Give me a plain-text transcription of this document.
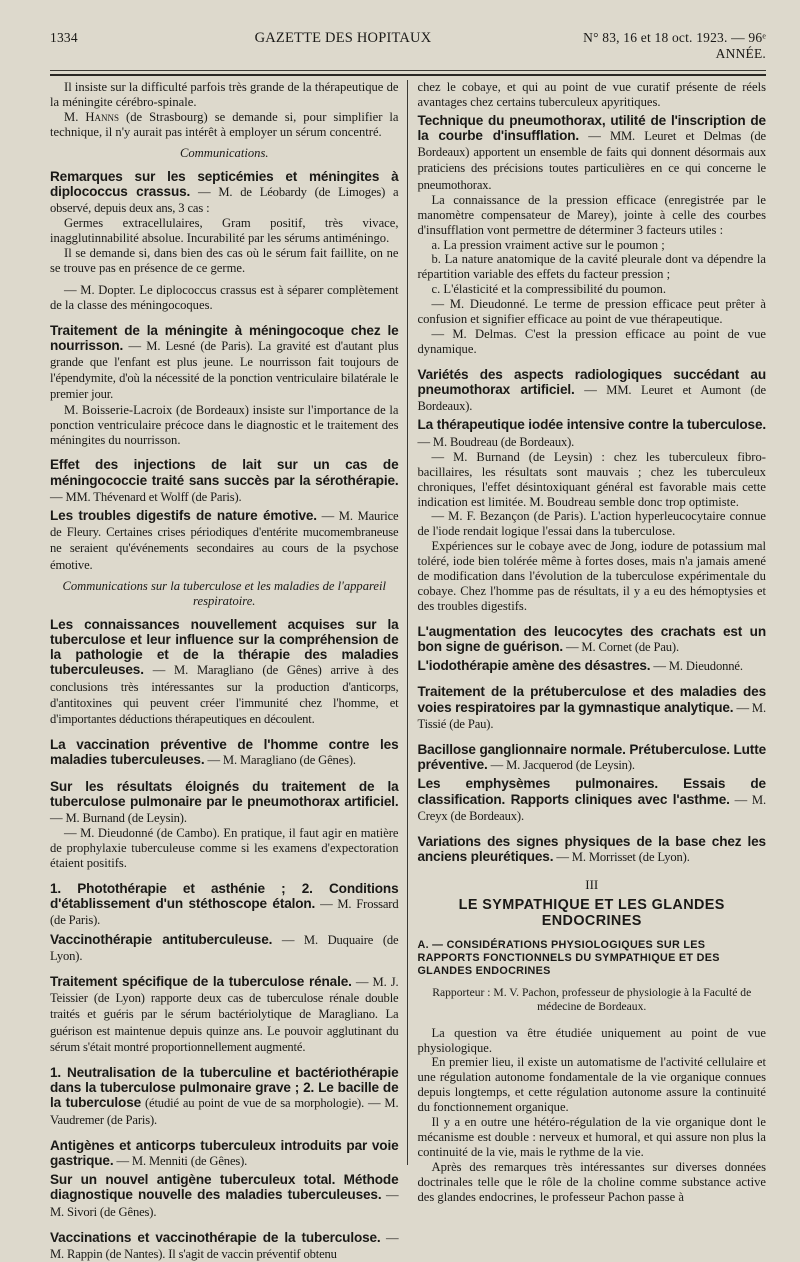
1334	GAZETTE DES HOPITAUX	N° 83, 16 et 18 oct. 1923. — 96ᵉ ANNÉE.

Il insiste sur la difficulté parfois très grande de la thérapeutique de la méningite cérébro-spinale.

M. Hanns (de Strasbourg) se demande si, pour simplifier la technique, il n'y aurait pas intérêt à employer un sérum concentré.

Communications.
Remarques sur les septicémies et méningites à diplococcus crassus. — M. de Léobardy (de Limoges) a observé, depuis deux ans, 3 cas :

Germes extracellulaires, Gram positif, très vivace, inagglutinnabilité absolue. Incurabilité par les sérums antiméningo.

Il se demande si, dans bien des cas où le sérum fait faillite, on ne se trouve pas en présence de ce germe.

— M. Dopter. Le diplococcus crassus est à séparer complètement de la classe des méningocoques.

Traitement de la méningite à méningocoque chez le nourrisson. — M. Lesné (de Paris). La gravité est d'autant plus grande que l'enfant est plus jeune. Le nourrisson fait toujours de l'épendymite, d'où la nécessité de la ponction ventriculaire bilatérale le premier jour.

M. Boisserie-Lacroix (de Bordeaux) insiste sur l'importance de la ponction ventriculaire précoce dans le diagnostic et le traitement des méningites du nourrisson.

Effet des injections de lait sur un cas de méningococcie traité sans succès par la sérothérapie. — MM. Thévenard et Wolff (de Paris).
Les troubles digestifs de nature émotive. — M. Maurice de Fleury. Certaines crises périodiques d'entérite mucomembraneuse ne seraient qu'événements secondaires au cours de la psychose émotive.
Communications sur la tuberculose et les maladies de l'appareil respiratoire.
Les connaissances nouvellement acquises sur la tuberculose et leur influence sur la compréhension de la pathologie et de la thérapie des maladies tuberculeuses. — M. Maragliano (de Gênes) arrive à des conclusions très intéressantes sur la production d'anticorps, d'antitoxines qui peuvent créer l'immunité chez l'homme, et d'importantes déductions thérapeutiques en découlent.
La vaccination préventive de l'homme contre les maladies tuberculeuses. — M. Maragliano (de Gênes).
Sur les résultats éloignés du traitement de la tuberculose pulmonaire par le pneumothorax artificiel. — M. Burnand (de Leysin).

— M. Dieudonné (de Cambo). En pratique, il faut agir en matière de prophylaxie tuberculeuse comme si les examens d'expectoration étaient positifs.

1. Photothérapie et asthénie ; 2. Conditions d'établissement d'un stéthoscope étalon. — M. Frossard (de Paris).
Vaccinothérapie antituberculeuse. — M. Duquaire (de Lyon).
Traitement spécifique de la tuberculose rénale. — M. J. Teissier (de Lyon) rapporte deux cas de tuberculose rénale double traités et guéris par le sérum bactériolytique de Maragliano. La guérison est maintenue depuis quinze ans. Le pouvoir agglutinant du sérum s'était montré proportionnellement augmenté.
1. Neutralisation de la tuberculine et bactériothérapie dans la tuberculose pulmonaire grave ; 2. Le bacille de la tuberculose (étudié au point de vue de sa morphologie). — M. Vaudremer (de Paris).
Antigènes et anticorps tuberculeux introduits par voie gastrique. — M. Menniti (de Gênes).
Sur un nouvel antigène tuberculeux total. Méthode diagnostique nouvelle des maladies tuberculeuses. — M. Sivori (de Gênes).
Vaccinations et vaccinothérapie de la tuberculose. — M. Rappin (de Nantes). Il s'agit de vaccin préventif obtenu

chez le cobaye, et qui au point de vue curatif présente de réels avantages chez certains tuberculeux apyritiques.

Technique du pneumothorax, utilité de l'inscription de la courbe d'insufflation. — MM. Leuret et Delmas (de Bordeaux) apportent un ensemble de faits qui donnent désormais aux praticiens des précisions toutes particulières en ce qui concerne le pneumothorax.

La connaissance de la pression efficace (enregistrée par le manomètre compensateur de Marey), jointe à celle des courbes d'insufflation vont permettre de déterminer 3 facteurs utiles :

a. La pression vraiment active sur le poumon ;

b. La nature anatomique de la cavité pleurale dont va dépendre la répartition variable des effets du facteur pression ;

c. L'élasticité et la compressibilité du poumon.

— M. Dieudonné. Le terme de pression efficace peut prêter à confusion et signifier efficace au point de vue thérapeutique.

— M. Delmas. C'est la pression efficace au point de vue dynamique.

Variétés des aspects radiologiques succédant au pneumothorax artificiel. — MM. Leuret et Aumont (de Bordeaux).
La thérapeutique iodée intensive contre la tuberculose. — M. Boudreau (de Bordeaux).

— M. Burnand (de Leysin) : chez les tuberculeux fibro-bacillaires, les résultats sont mauvais ; chez les tuberculeux chroniques, l'effet désintoxiquant général est favorable mais cette indication est limitée. M. Boudreau semble donc trop optimiste.

— M. F. Bezançon (de Paris). L'action hyperleucocytaire connue de l'iode rendait logique l'essai dans la tuberculose.

Expériences sur le cobaye avec de Jong, iodure de potassium mal toléré, iode bien tolérée même à fortes doses, mais n'a jamais amené de modification dans l'évolution de la tuberculose expérimentale du cobaye. Chez l'homme pas de résultats, il y a eu des hémoptysies et des troubles digestifs.

L'augmentation des leucocytes des crachats est un bon signe de guérison. — M. Cornet (de Pau).
L'iodothérapie amène des désastres. — M. Dieudonné.
Traitement de la prétuberculose et des maladies des voies respiratoires par la gymnastique analytique. — M. Tissié (de Pau).
Bacillose ganglionnaire normale. Prétuberculose. Lutte préventive. — M. Jacquerod (de Leysin).
Les emphysèmes pulmonaires. Essais de classification. Rapports cliniques avec l'asthme. — M. Creyx (de Bordeaux).
Variations des signes physiques de la base chez les anciens pleurétiques. — M. Morrisset (de Lyon).
III
LE SYMPATHIQUE ET LES GLANDES ENDOCRINES
A. — CONSIDÉRATIONS PHYSIOLOGIQUES SUR LES RAPPORTS FONCTIONNELS DU SYMPATHIQUE ET DES GLANDES ENDOCRINES
Rapporteur : M. V. Pachon, professeur de physiologie à la Faculté de médecine de Bordeaux.

La question va être étudiée uniquement au point de vue physiologique.

En premier lieu, il existe un automatisme de l'activité cellulaire et une régulation autonome fondamentale de la vie organique connues depuis longtemps, et cette régulation autonome assure la continuité du fonctionnement organique.

Il y a en outre une hétéro-régulation de la vie organique dont le mécanisme est double : nerveux et humoral, et qui assure non plus la continuité de la vie, mais le rythme de la vie.

Après des remarques très intéressantes sur diverses données doctrinales telle que le rôle de la choline comme substance active des glandes endocrines, le professeur Pachon passe à
